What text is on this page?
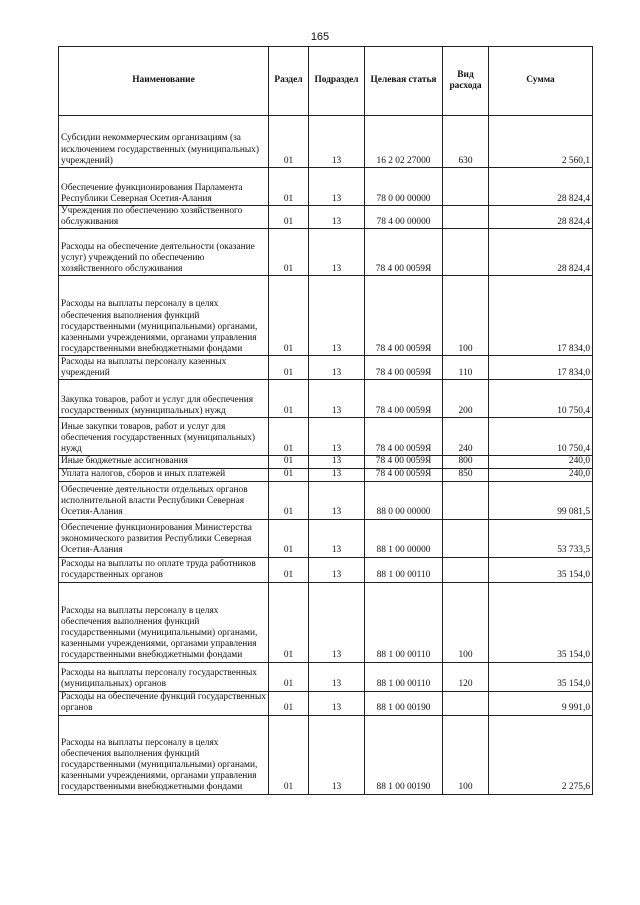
165
Наименование	Раздел	Подраздел	Целевая статья	Вид расхода	Сумма
Субсидии некоммерческим организациям (за исключением государственных (муниципальных) учреждений)	01	13	16 2 02 27000	630	2 560,1
Обеспечение функционирования Парламента Республики Северная Осетия-Алания	01	13	78 0 00 00000		28 824,4
Учреждения по обеспечению хозяйственного обслуживания	01	13	78 4 00 00000		28 824,4
Расходы на обеспечение деятельности (оказание услуг) учреждений по обеспечению хозяйственного обслуживания	01	13	78 4 00 0059Я		28 824,4
Расходы на выплаты персоналу в целях обеспечения выполнения функций государственными (муниципальными) органами, казенными учреждениями, органами управления государственными внебюджетными фондами	01	13	78 4 00 0059Я	100	17 834,0
Расходы на выплаты персоналу казенных учреждений	01	13	78 4 00 0059Я	110	17 834,0
Закупка товаров, работ и услуг для обеспечения государственных (муниципальных) нужд	01	13	78 4 00 0059Я	200	10 750,4
Иные закупки товаров, работ и услуг для обеспечения государственных (муниципальных) нужд	01	13	78 4 00 0059Я	240	10 750,4
Иные бюджетные ассигнования	01	13	78 4 00 0059Я	800	240,0
Уплата налогов, сборов и иных платежей	01	13	78 4 00 0059Я	850	240,0
Обеспечение деятельности отдельных органов исполнительной власти Республики Северная Осетия-Алания	01	13	88 0 00 00000		99 081,5
Обеспечение функционирования Министерства экономического развития Республики Северная Осетия-Алания	01	13	88 1 00 00000		53 733,5
Расходы на выплаты по оплате труда работников государственных органов	01	13	88 1 00 00110		35 154,0
Расходы на выплаты персоналу в целях обеспечения выполнения функций государственными (муниципальными) органами, казенными учреждениями, органами управления государственными внебюджетными фондами	01	13	88 1 00 00110	100	35 154,0
Расходы на выплаты персоналу государственных (муниципальных) органов	01	13	88 1 00 00110	120	35 154,0
Расходы на обеспечение функций государственных органов	01	13	88 1 00 00190		9 991,0
Расходы на выплаты персоналу в целях обеспечения выполнения функций государственными (муниципальными) органами, казенными учреждениями, органами управления государственными внебюджетными фондами	01	13	88 1 00 00190	100	2 275,6
